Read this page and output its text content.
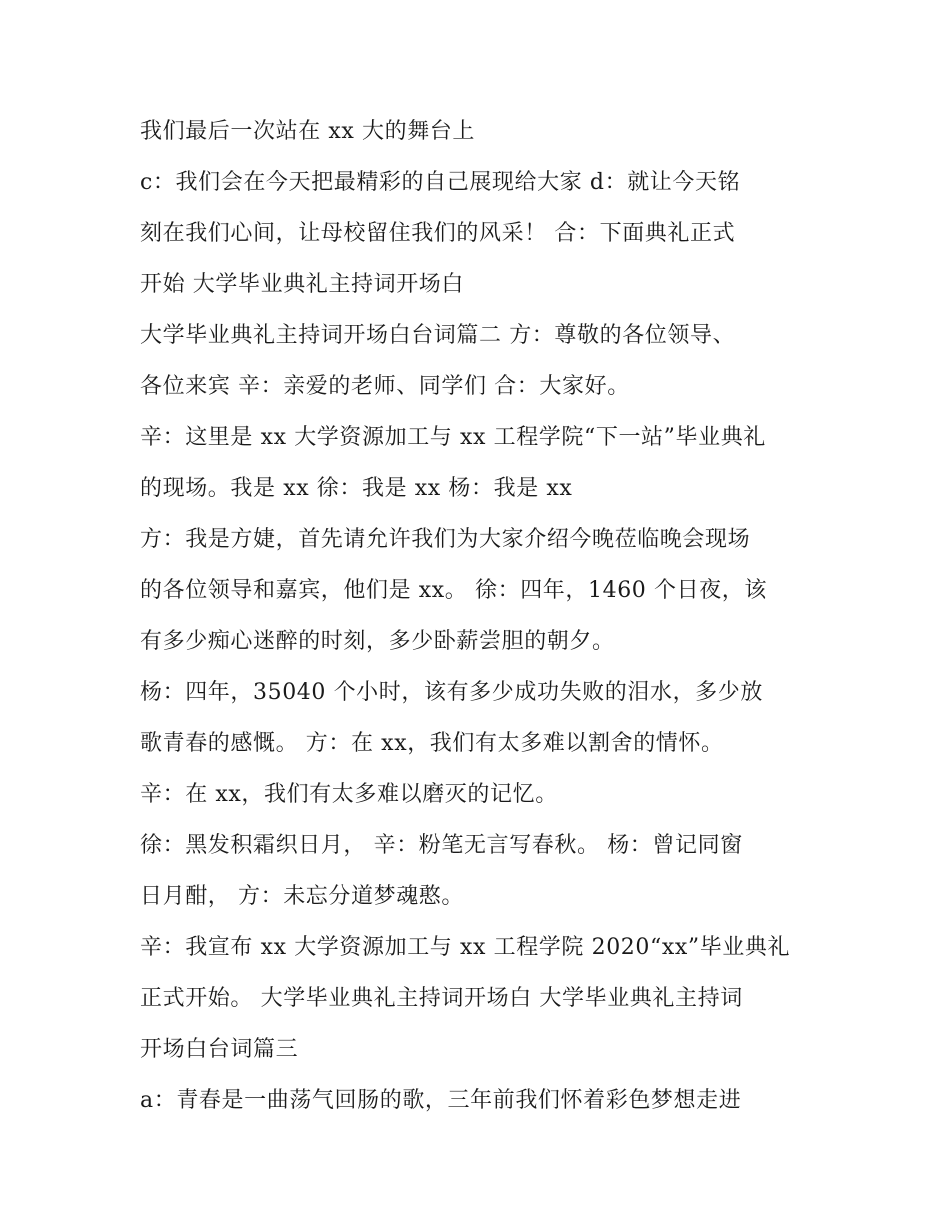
我们最后一次站在 xx 大的舞台上

c：我们会在今天把最精彩的自己展现给大家 d：就让今天铭

刻在我们心间，让母校留住我们的风采！ 合：下面典礼正式

开始 大学毕业典礼主持词开场白

大学毕业典礼主持词开场白台词篇二 方：尊敬的各位领导、

各位来宾 辛：亲爱的老师、同学们 合：大家好。

辛：这里是 xx 大学资源加工与 xx 工程学院“下一站”毕业典礼

的现场。我是 xx 徐：我是 xx 杨：我是 xx

方：我是方婕，首先请允许我们为大家介绍今晚莅临晚会现场

的各位领导和嘉宾，他们是 xx。 徐：四年，1460 个日夜，该

有多少痴心迷醉的时刻，多少卧薪尝胆的朝夕。

杨：四年，35040 个小时，该有多少成功失败的泪水，多少放

歌青春的感慨。 方：在 xx，我们有太多难以割舍的情怀。

辛：在 xx，我们有太多难以磨灭的记忆。

徐：黑发积霜织日月， 辛：粉笔无言写春秋。 杨：曾记同窗

日月酣， 方：未忘分道梦魂憨。

辛：我宣布 xx 大学资源加工与 xx 工程学院 2020“xx”毕业典礼

正式开始。 大学毕业典礼主持词开场白 大学毕业典礼主持词

开场白台词篇三

a：青春是一曲荡气回肠的歌，三年前我们怀着彩色梦想走进
